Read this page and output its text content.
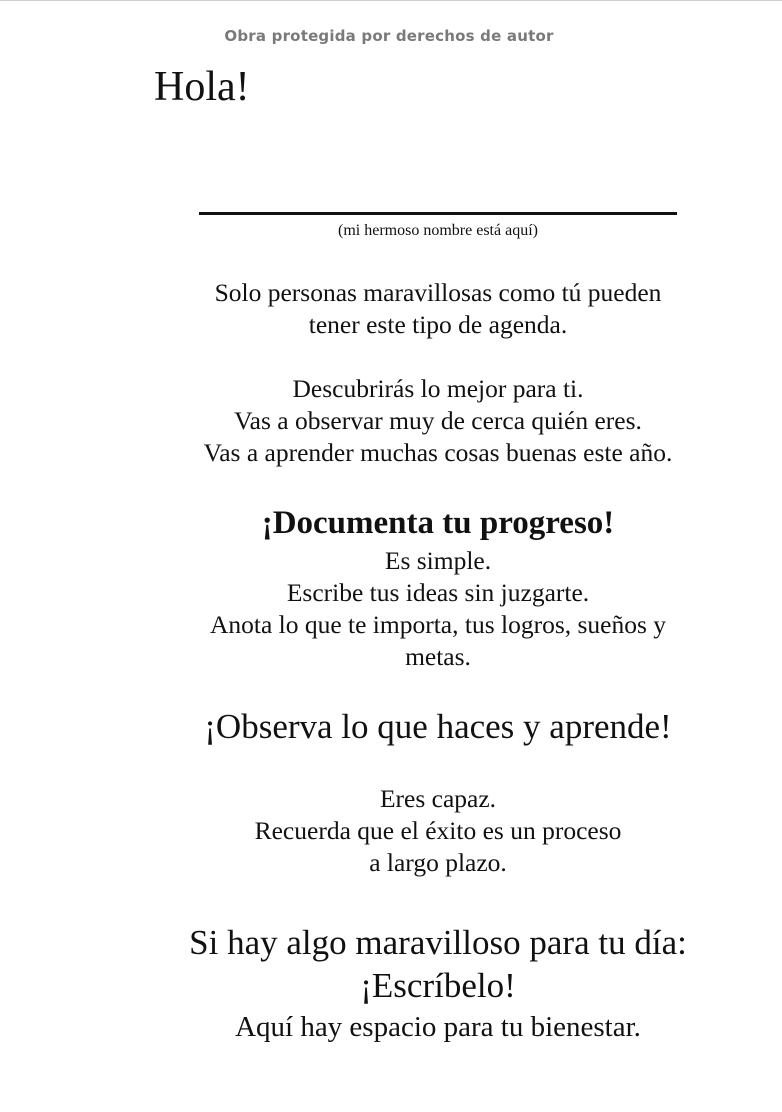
Obra protegida por derechos de autor
Hola!
(mi hermoso nombre está aquí)
Solo personas maravillosas como tú pueden
tener este tipo de agenda.
Descubrirás lo mejor para ti.
Vas a observar muy de cerca quién eres.
Vas a aprender muchas cosas buenas este año.
¡Documenta tu progreso!
Es simple.
Escribe tus ideas sin juzgarte.
Anota lo que te importa, tus logros, sueños y
metas.
¡Observa lo que haces y aprende!
Eres capaz.
Recuerda que el éxito es un proceso
a largo plazo.
Si hay algo maravilloso para tu día:
¡Escríbelo!
Aquí hay espacio para tu bienestar.
